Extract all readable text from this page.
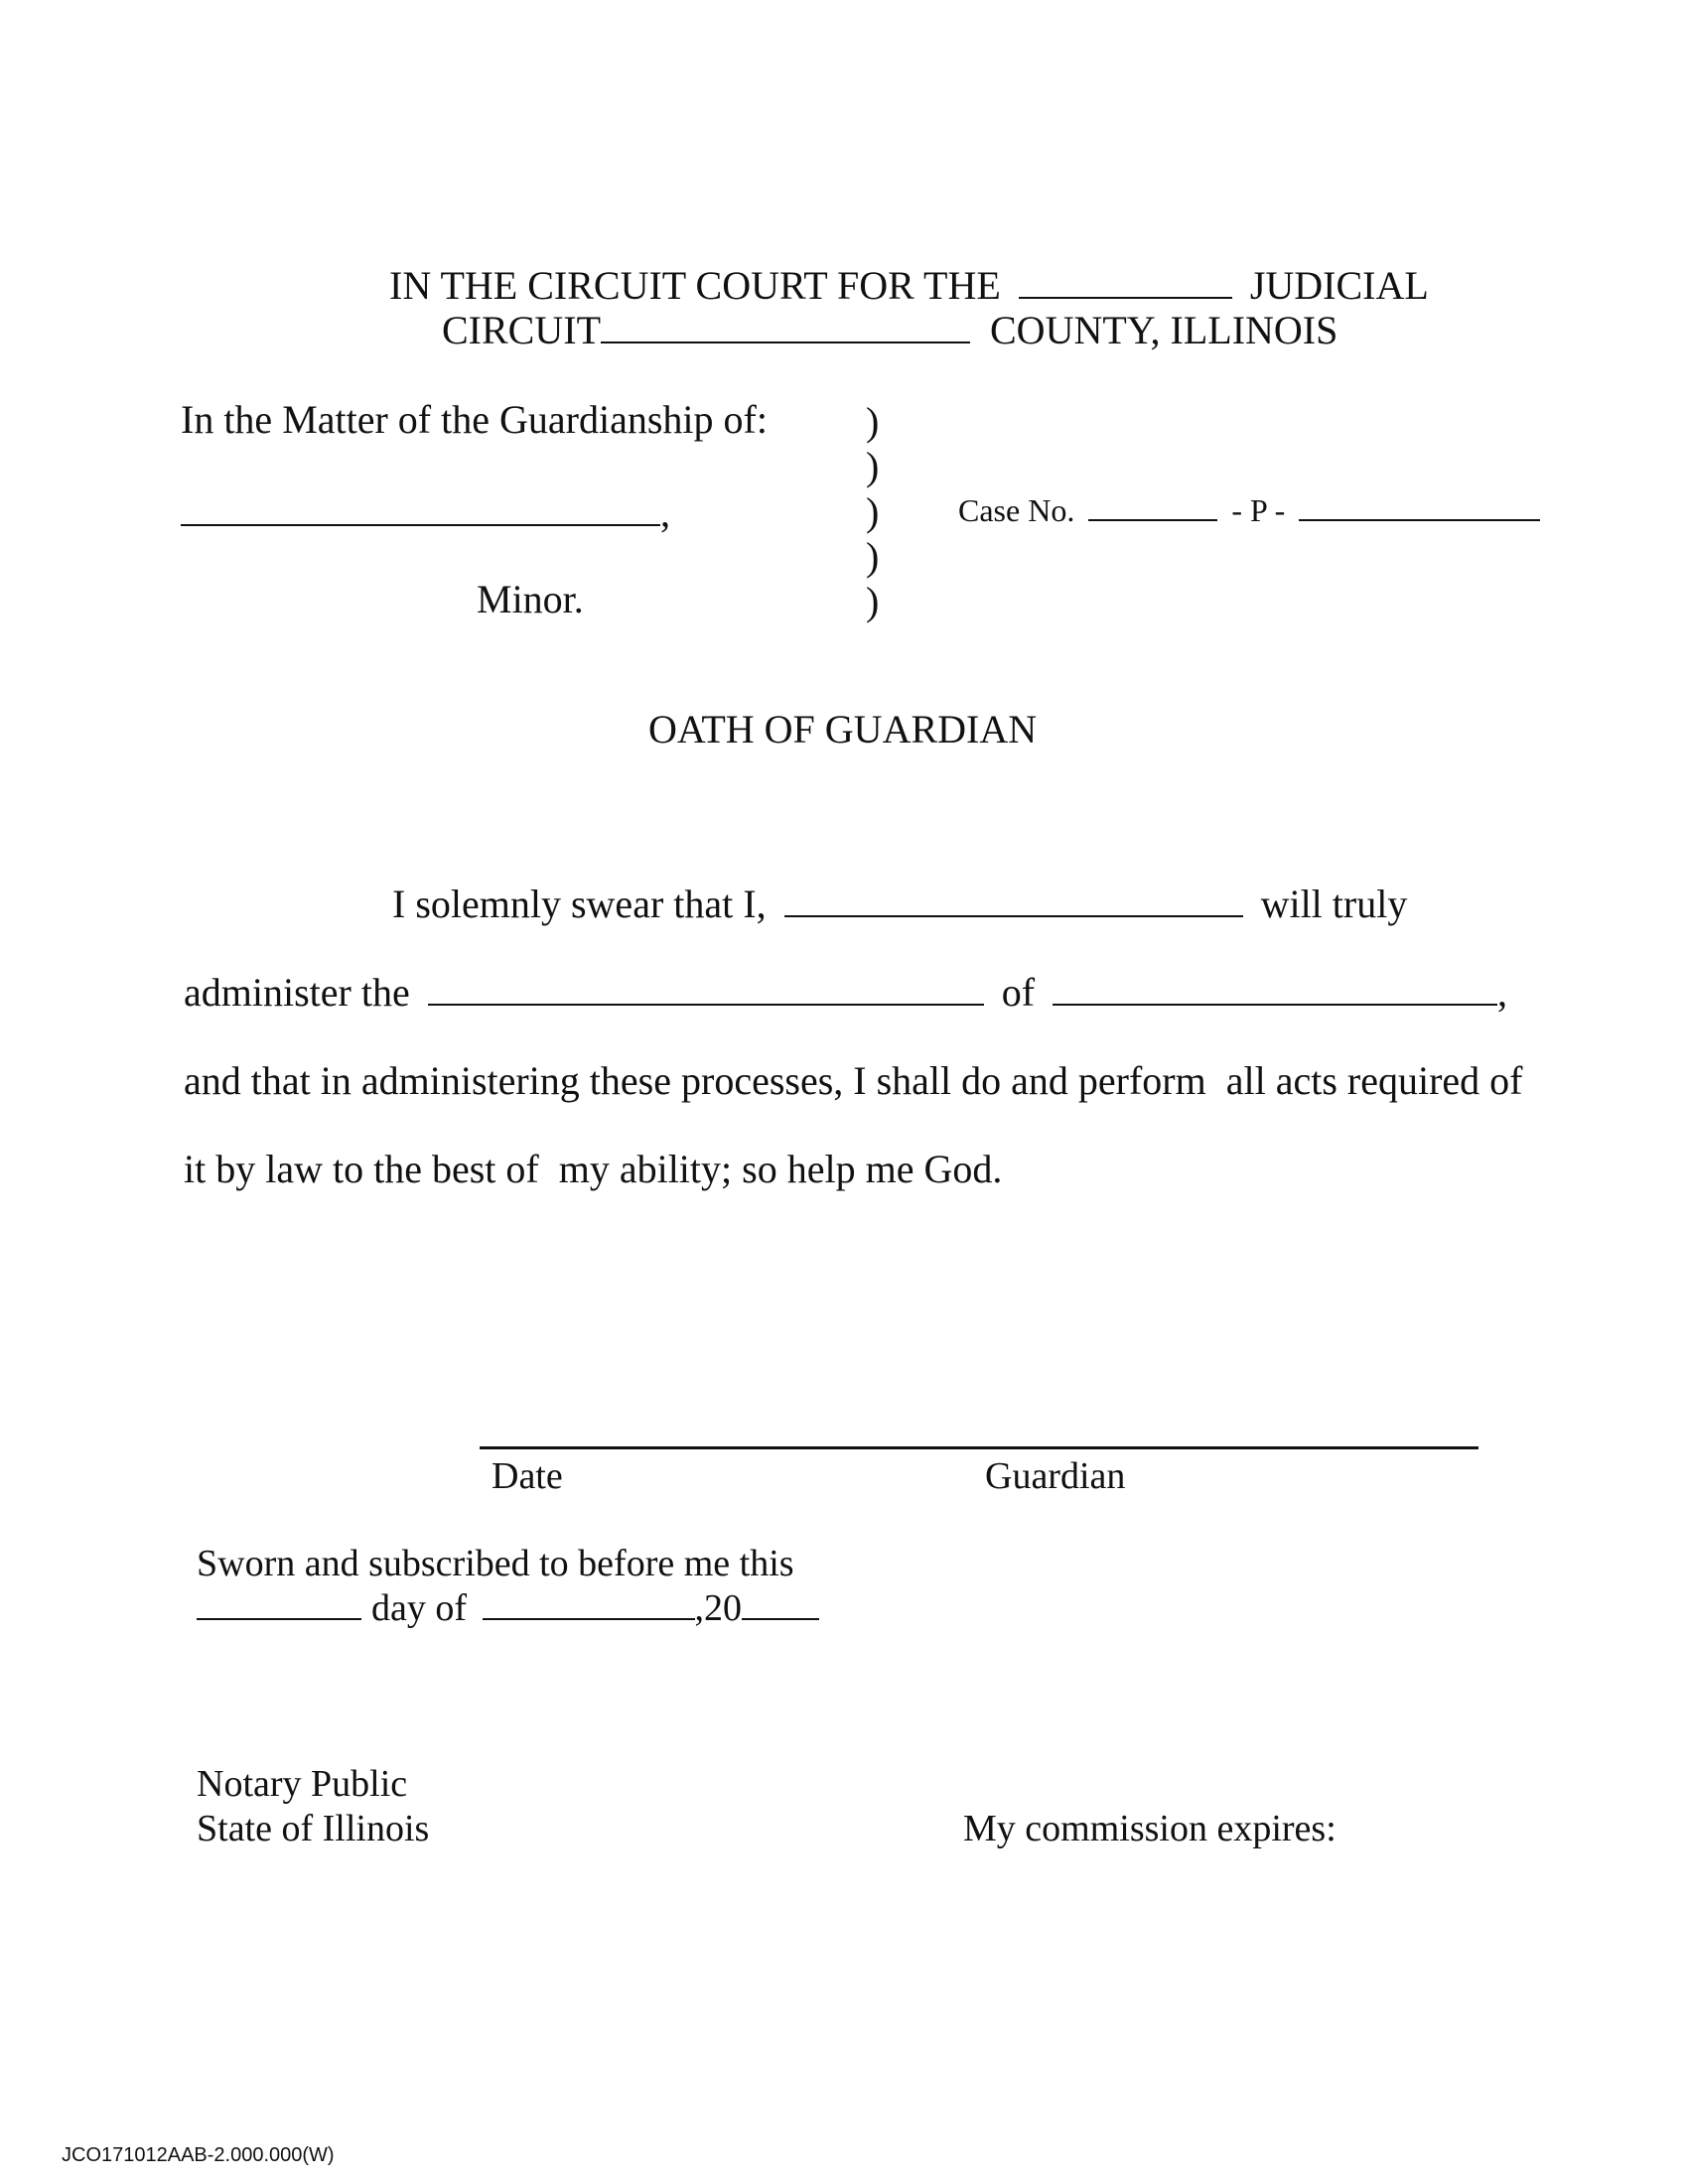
IN THE CIRCUIT COURT FOR THE	JUDICIAL
CIRCUIT	COUNTY, ILLINOIS
In the Matter of the Guardianship of:
,
Minor.
)
)
)
)
)
Case No.	- P -
OATH OF GUARDIAN
I solemnly swear that I,	will truly
administer the	of	,
and that in administering these processes, I shall do and perform  all acts required of
it by law to the best of  my ability; so help me God.
Date	Guardian
Sworn and subscribed to before me this
day of	,20
Notary Public
State of Illinois	My commission expires:
JCO171012AAB-2.000.000(W)
